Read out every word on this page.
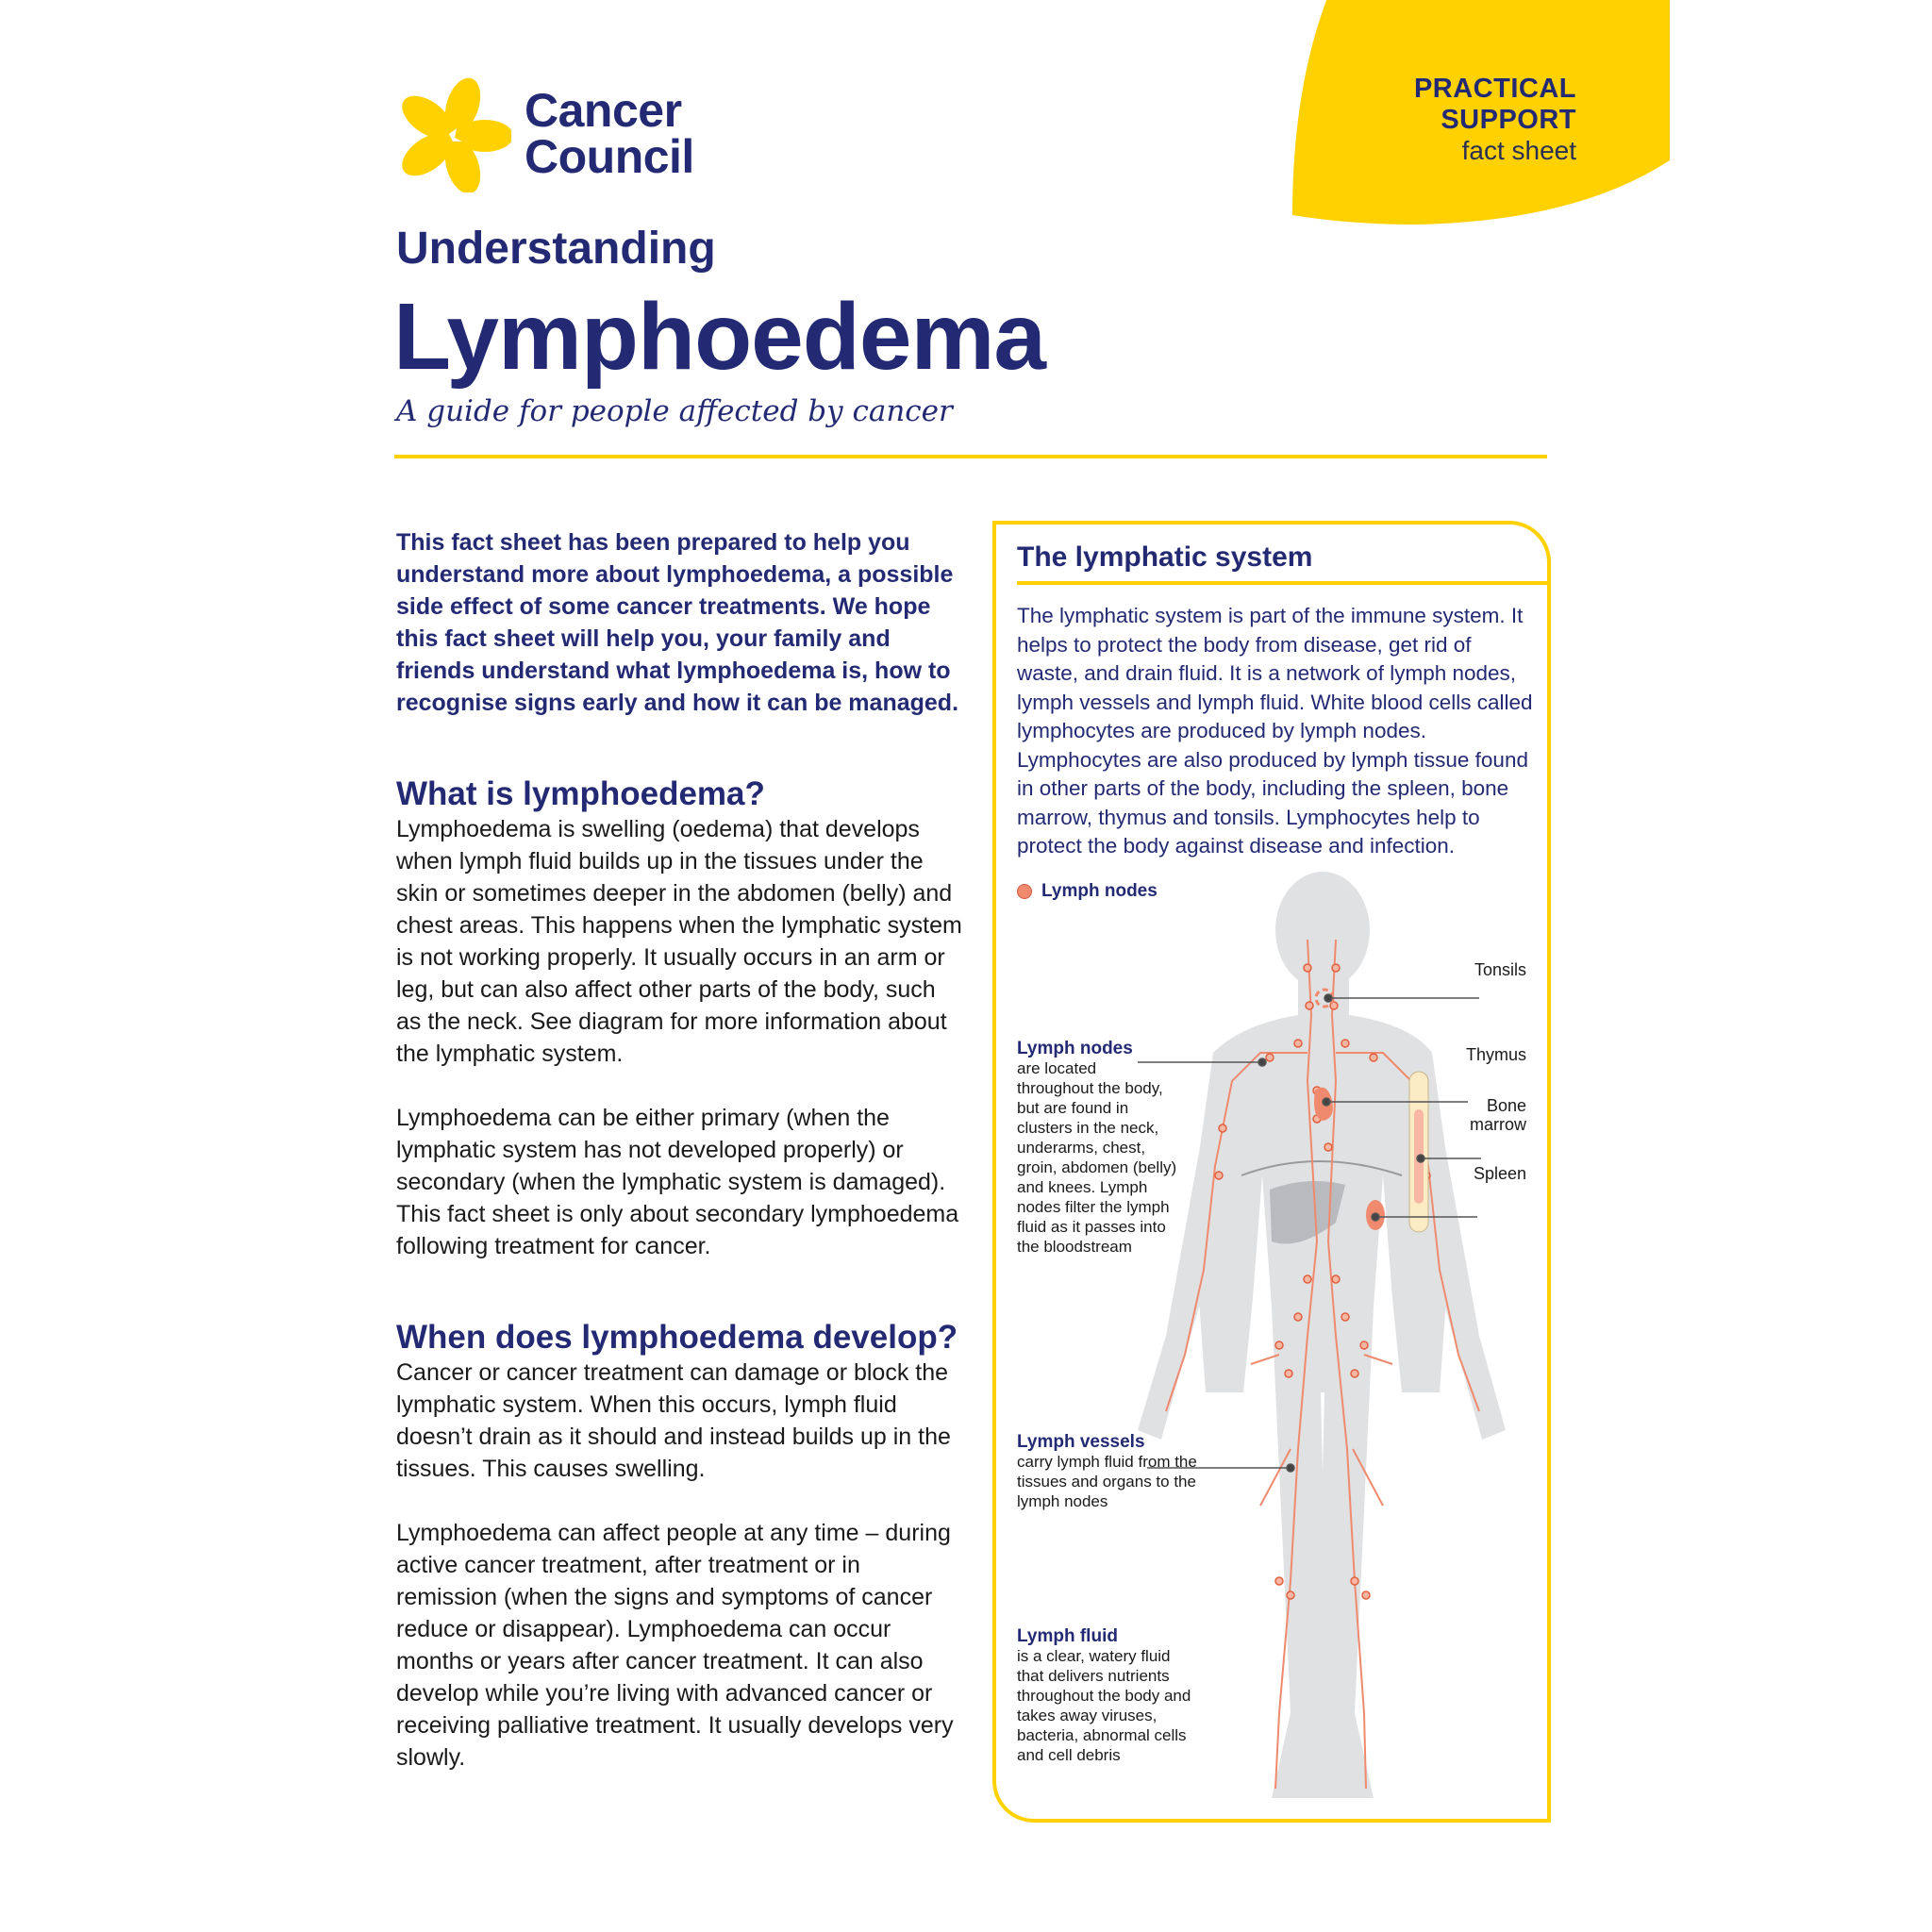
PRACTICAL
SUPPORT
fact sheet
Cancer
Council
Understanding
Lymphoedema
A guide for people affected by cancer

This fact sheet has been prepared to help you understand more about lymphoedema, a possible side effect of some cancer treatments. We hope this fact sheet will help you, your family and friends understand what lymphoedema is, how to recognise signs early and how it can be managed.

What is lymphoedema?

Lymphoedema is swelling (oedema) that develops when lymph fluid builds up in the tissues under the skin or sometimes deeper in the abdomen (belly) and chest areas. This happens when the lymphatic system is not working properly. It usually occurs in an arm or leg, but can also affect other parts of the body, such as the neck. See diagram for more information about the lymphatic system.

Lymphoedema can be either primary (when the lymphatic system has not developed properly) or secondary (when the lymphatic system is damaged). This fact sheet is only about secondary lymphoedema following treatment for cancer.

When does lymphoedema develop?

Cancer or cancer treatment can damage or block the lymphatic system. When this occurs, lymph fluid doesn’t drain as it should and instead builds up in the tissues. This causes swelling.

Lymphoedema can affect people at any time – during active cancer treatment, after treatment or in remission (when the signs and symptoms of cancer reduce or disappear). Lymphoedema can occur months or years after cancer treatment. It can also develop while you’re living with advanced cancer or receiving palliative treatment. It usually develops very slowly.

The lymphatic system

The lymphatic system is part of the immune system. It helps to protect the body from disease, get rid of waste, and drain fluid. It is a network of lymph nodes, lymph vessels and lymph fluid. White blood cells called lymphocytes are produced by lymph nodes. Lymphocytes are also produced by lymph tissue found in other parts of the body, including the spleen, bone marrow, thymus and tonsils. Lymphocytes help to protect the body against disease and infection.

Lymph nodes
Lymph nodes
are located throughout the body, but are found in clusters in the neck, underarms, chest, groin, abdomen (belly) and knees. Lymph nodes filter the lymph fluid as it passes into the bloodstream
Lymph vessels
carry lymph fluid from the tissues and organs to the lymph nodes
Lymph fluid
is a clear, watery fluid that delivers nutrients throughout the body and takes away viruses, bacteria, abnormal cells and cell debris
Tonsils
Thymus
Bone marrow
Spleen
